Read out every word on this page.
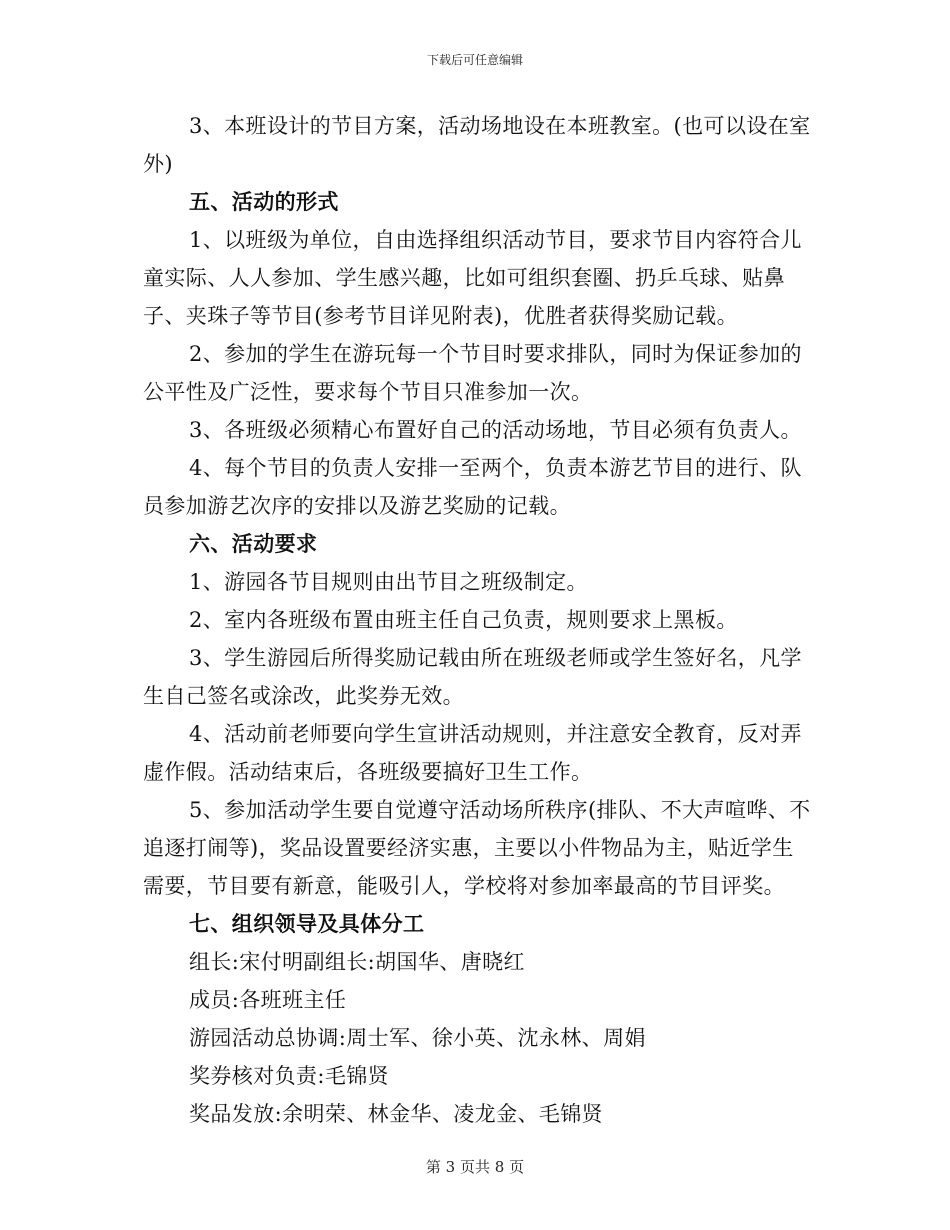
下载后可任意编辑

3、本班设计的节目方案，活动场地设在本班教室。(也可以设在室外)

五、活动的形式

1、以班级为单位，自由选择组织活动节目，要求节目内容符合儿童实际、人人参加、学生感兴趣，比如可组织套圈、扔乒乓球、贴鼻子、夹珠子等节目(参考节目详见附表)，优胜者获得奖励记载。

2、参加的学生在游玩每一个节目时要求排队，同时为保证参加的公平性及广泛性，要求每个节目只准参加一次。

3、各班级必须精心布置好自己的活动场地，节目必须有负责人。

4、每个节目的负责人安排一至两个，负责本游艺节目的进行、队员参加游艺次序的安排以及游艺奖励的记载。

六、活动要求

1、游园各节目规则由出节目之班级制定。

2、室内各班级布置由班主任自己负责，规则要求上黑板。

3、学生游园后所得奖励记载由所在班级老师或学生签好名，凡学生自己签名或涂改，此奖券无效。

4、活动前老师要向学生宣讲活动规则，并注意安全教育，反对弄虚作假。活动结束后，各班级要搞好卫生工作。

5、参加活动学生要自觉遵守活动场所秩序(排队、不大声喧哗、不追逐打闹等)，奖品设置要经济实惠，主要以小件物品为主，贴近学生需要，节目要有新意，能吸引人，学校将对参加率最高的节目评奖。

七、组织领导及具体分工

组长:宋付明副组长:胡国华、唐晓红

成员:各班班主任

游园活动总协调:周士军、徐小英、沈永林、周娟

奖券核对负责:毛锦贤

奖品发放:余明荣、林金华、凌龙金、毛锦贤

第 3 页共 8 页
